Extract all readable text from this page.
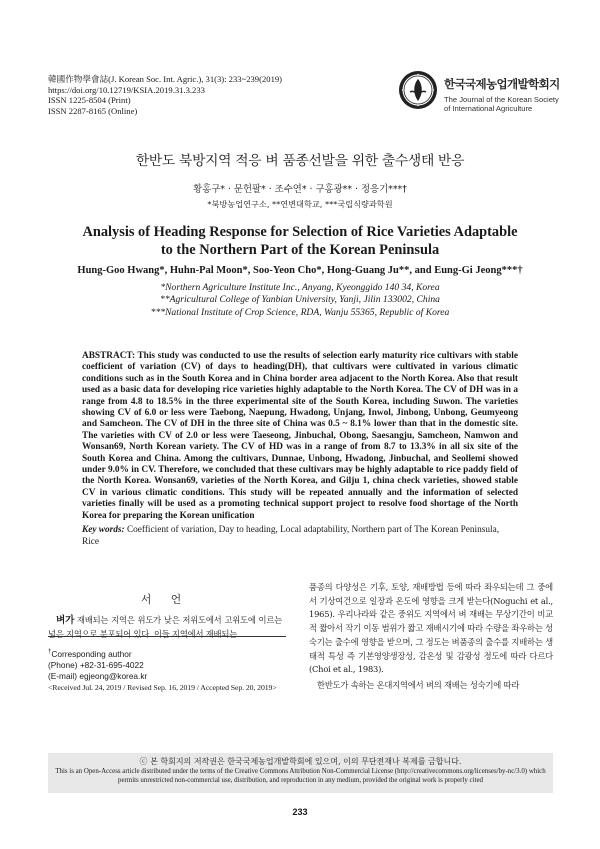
韓國作物學會誌(J. Korean Soc. Int. Agric.), 31(3): 233~239(2019)
https://doi.org/10.12719/KSIA.2019.31.3.233
ISSN 1225-8504 (Print)
ISSN 2287-8165 (Online)
한국국제농업개발학회지
The Journal of the Korean Society
of International Agriculture
한반도 북방지역 적응 벼 품종선발을 위한 출수생태 반응
황홍구* · 문헌팔* · 조수연* · 구홍광** · 정응기***†
*북방농업연구소, **연변대학교, ***국립식량과학원
Analysis of Heading Response for Selection of Rice Varieties Adaptable
to the Northern Part of the Korean Peninsula
Hung-Goo Hwang*, Huhn-Pal Moon*, Soo-Yeon Cho*, Hong-Guang Ju**, and Eung-Gi Jeong***†
*Northern Agriculture Institute Inc., Anyang, Kyeonggido 140 34, Korea
**Agricultural College of Yanbian University, Yanji, Jilin 133002, China
***National Institute of Crop Science, RDA, Wanju 55365, Republic of Korea
ABSTRACT: This study was conducted to use the results of selection early maturity rice cultivars with stable coefficient of variation (CV) of days to heading(DH), that cultivars were cultivated in various climatic conditions such as in the South Korea and in China border area adjacent to the North Korea. Also that result used as a basic data for developing rice varieties highly adaptable to the North Korea. The CV of DH was in a range from 4.8 to 18.5% in the three experimental site of the South Korea, including Suwon. The varieties showing CV of 6.0 or less were Taebong, Naepung, Hwadong, Unjang, Inwol, Jinbong, Unbong, Geumyeong and Samcheon. The CV of DH in the three site of China was 0.5 ~ 8.1% lower than that in the domestic site. The varieties with CV of 2.0 or less were Taeseong, Jinbuchal, Obong, Saesangju, Samcheon, Namwon and Wonsan69, North Korean variety. The CV of HD was in a range of from 8.7 to 13.3% in all six site of the South Korea and China. Among the cultivars, Dunnae, Unbong, Hwadong, Jinbuchal, and Seollemi showed under 9.0% in CV. Therefore, we concluded that these cultivars may be highly adaptable to rice paddy field of the North Korea. Wonsan69, varieties of the North Korea, and Gilju 1, china check varieties, showed stable CV in various climatic conditions. This study will be repeated annually and the information of selected varieties finally will be used as a promoting technical support project to resolve food shortage of the North Korea for preparing the Korean unification
Key words: Coefficient of variation, Day to heading, Local adaptability, Northern part of The Korean Peninsula, Rice
서 언
벼가 재배되는 지역은 위도가 낮은 저위도에서 고위도에 이르는 넓은 지역으로 분포되어 있다. 이들 지역에서 재배되는
†Corresponding author
(Phone) +82-31-695-4022
(E-mail) egjeong@korea.kr
<Received Jul. 24, 2019 / Revised Sep. 16, 2019 / Accepted Sep. 20, 2019>
품종의 다양성은 기후, 토양, 재배방법 등에 따라 좌우되는데 그 중에서 기상여건으로 일장과 온도에 영향을 크게 받는다(Noguchi et al., 1965). 우리나라와 같은 중위도 지역에서 벼 재배는 무상기간이 비교적 짧아서 작기 이동 범위가 짧고 재배시기에 따라 수량을 좌우하는 성숙기는 출수에 영향을 받으며, 그 정도는 벼품종의 출수를 지배하는 생태적 특성 즉 기본영양생장성, 감온성 및 감광성 정도에 따라 다르다(Choi et al., 1983).
한반도가 속하는 온대지역에서 벼의 재배는 성숙기에 따라
ⓒ 본 학회지의 저작권은 한국국제농업개발학회에 있으며, 이의 무단전재나 복제를 금합니다.
This is an Open-Access article distributed under the terms of the Creative Commons Attribution Non-Commercial License (http://creativecommons.org/licenses/by-nc/3.0) which
permits unrestricted non-commercial use, distribution, and reproduction in any medium, provided the original work is properly cited
233
